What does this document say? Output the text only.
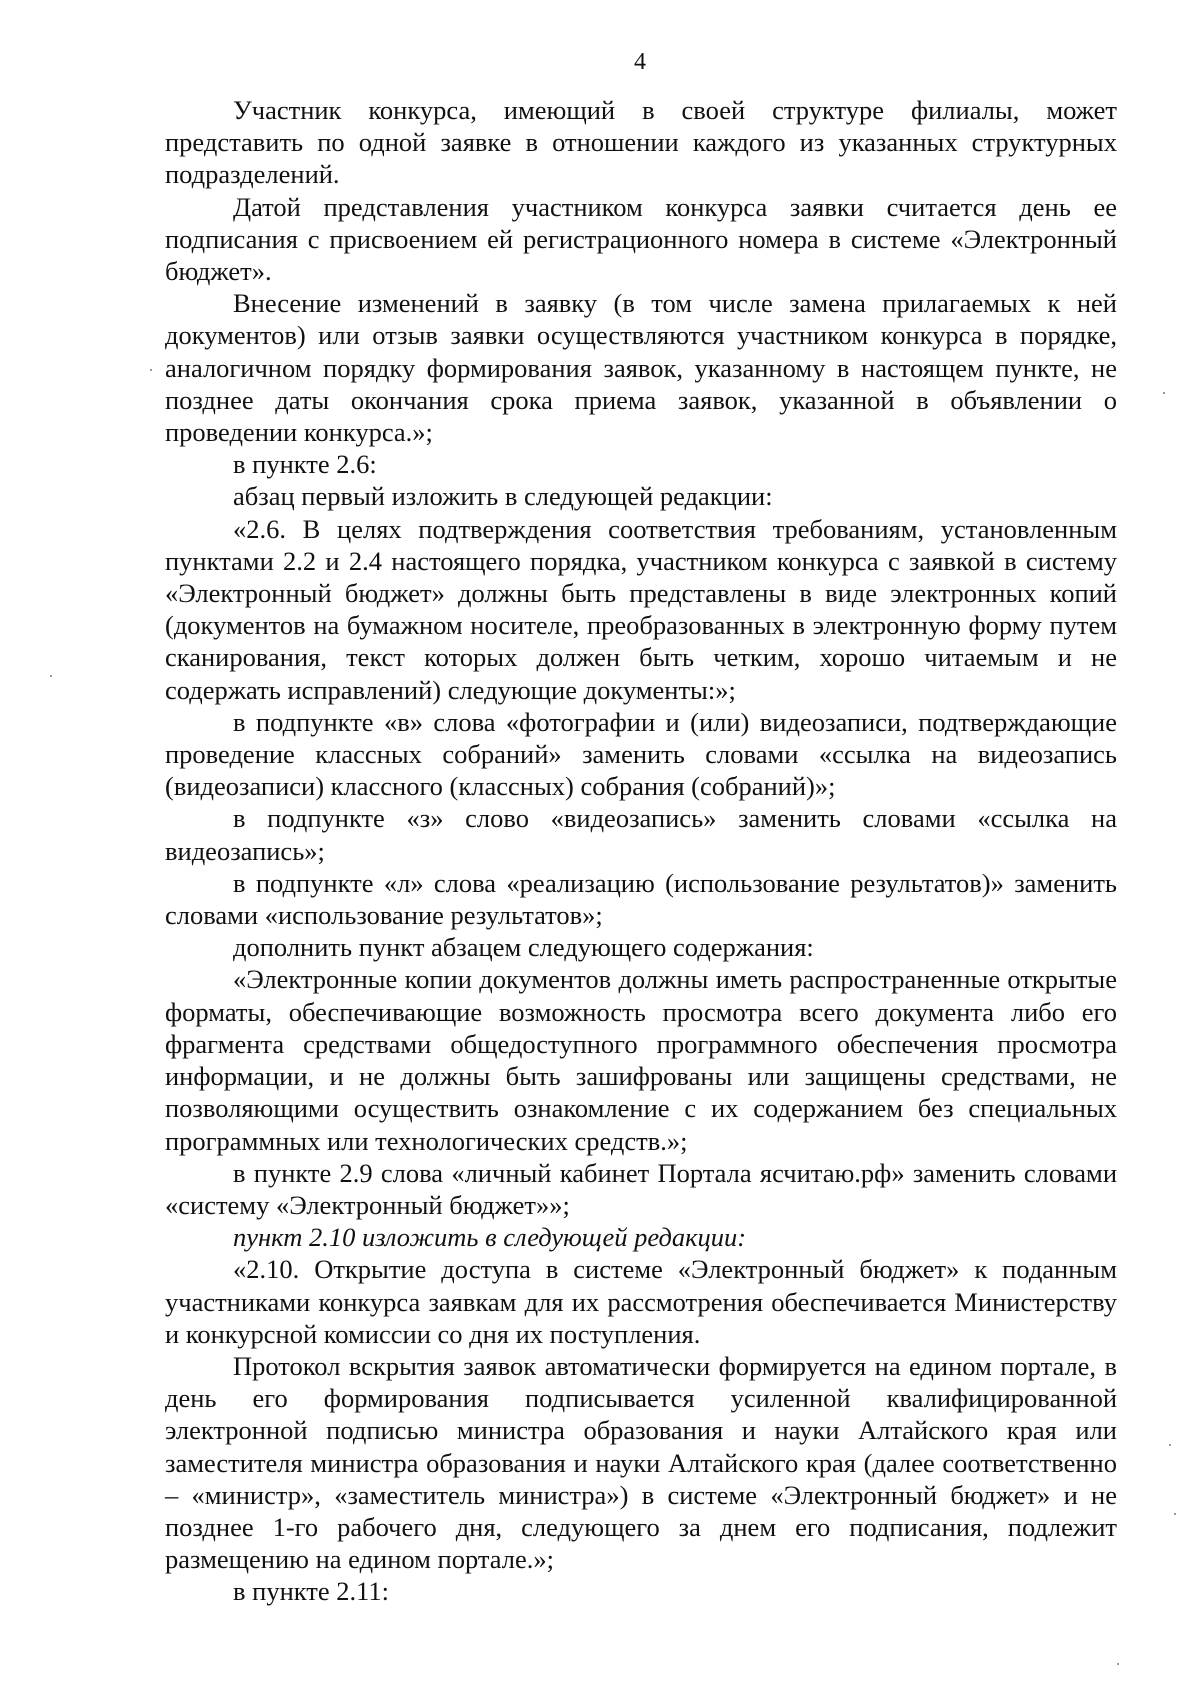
4

Участник конкурса, имеющий в своей структуре филиалы, может представить по одной заявке в отношении каждого из указанных структурных подразделений.

Датой представления участником конкурса заявки считается день ее подписания с присвоением ей регистрационного номера в системе «Электронный бюджет».

Внесение изменений в заявку (в том числе замена прилагаемых к ней документов) или отзыв заявки осуществляются участником конкурса в порядке, аналогичном порядку формирования заявок, указанному в настоящем пункте, не позднее даты окончания срока приема заявок, указанной в объявлении о проведении конкурса.»;

в пункте 2.6:

абзац первый изложить в следующей редакции:

«2.6. В целях подтверждения соответствия требованиям, установленным пунктами 2.2 и 2.4 настоящего порядка, участником конкурса с заявкой в систему «Электронный бюджет» должны быть представлены в виде электронных копий (документов на бумажном носителе, преобразованных в электронную форму путем сканирования, текст которых должен быть четким, хорошо читаемым и не содержать исправлений) следующие документы:»;

в подпункте «в» слова «фотографии и (или) видеозаписи, подтверждающие проведение классных собраний» заменить словами «ссылка на видеозапись (видеозаписи) классного (классных) собрания (собраний)»;

в подпункте «з» слово «видеозапись» заменить словами «ссылка на видеозапись»;

в подпункте «л» слова «реализацию (использование результатов)» заменить словами «использование результатов»;

дополнить пункт абзацем следующего содержания:

«Электронные копии документов должны иметь распространенные открытые форматы, обеспечивающие возможность просмотра всего документа либо его фрагмента средствами общедоступного программного обеспечения просмотра информации, и не должны быть зашифрованы или защищены средствами, не позволяющими осуществить ознакомление с их содержанием без специальных программных или технологических средств.»;

в пункте 2.9 слова «личный кабинет Портала ясчитаю.рф» заменить словами «систему «Электронный бюджет»»;

пункт 2.10 изложить в следующей редакции:

«2.10. Открытие доступа в системе «Электронный бюджет» к поданным участниками конкурса заявкам для их рассмотрения обеспечивается Министерству и конкурсной комиссии со дня их поступления.

Протокол вскрытия заявок автоматически формируется на едином портале, в день его формирования подписывается усиленной квалифицированной электронной подписью министра образования и науки Алтайского края или заместителя министра образования и науки Алтайского края (далее соответственно – «министр», «заместитель министра») в системе «Электронный бюджет» и не позднее 1-го рабочего дня, следующего за днем его подписания, подлежит размещению на едином портале.»;

в пункте 2.11:
